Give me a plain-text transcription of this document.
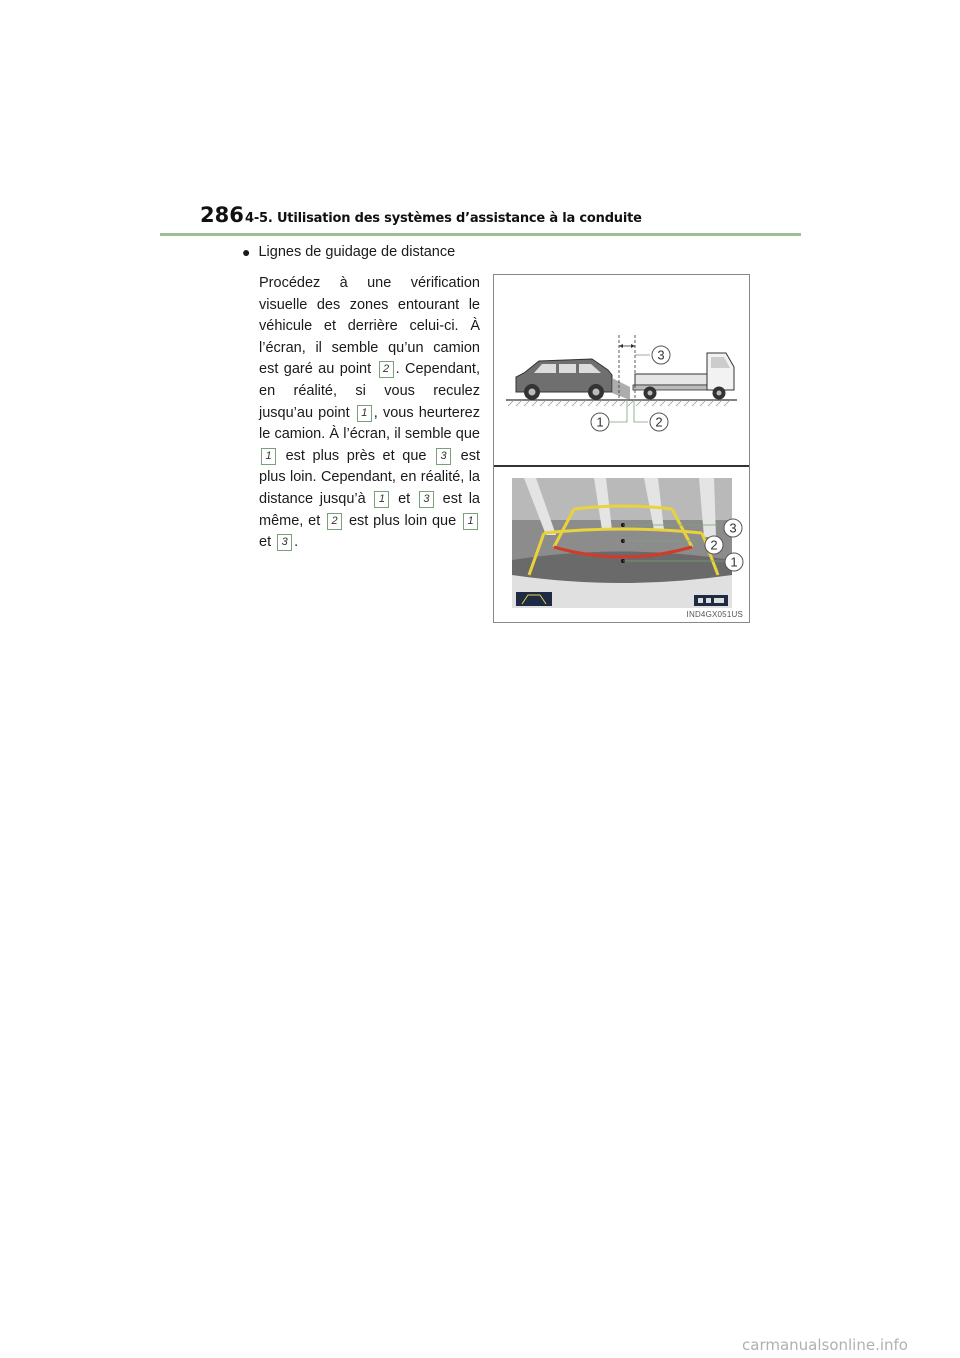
286 4-5. Utilisation des systèmes d’assistance à la conduite
● Lignes de guidage de distance
Procédez à une vérification visuelle des zones entourant le véhicule et derrière celui-ci. À l’écran, il semble qu’un camion est garé au point 2 . Cependant, en réalité, si vous reculez jusqu’au point 1 , vous heurterez le camion. À l’écran, il semble que 1 est plus près et que 3 est plus loin. Cependant, en réalité, la distance jusqu’à 1 et 3 est la même, et 2 est plus loin que 1 et 3 .
3
1	2
3
2
1
IND4GX051US
carmanualsonline.info
